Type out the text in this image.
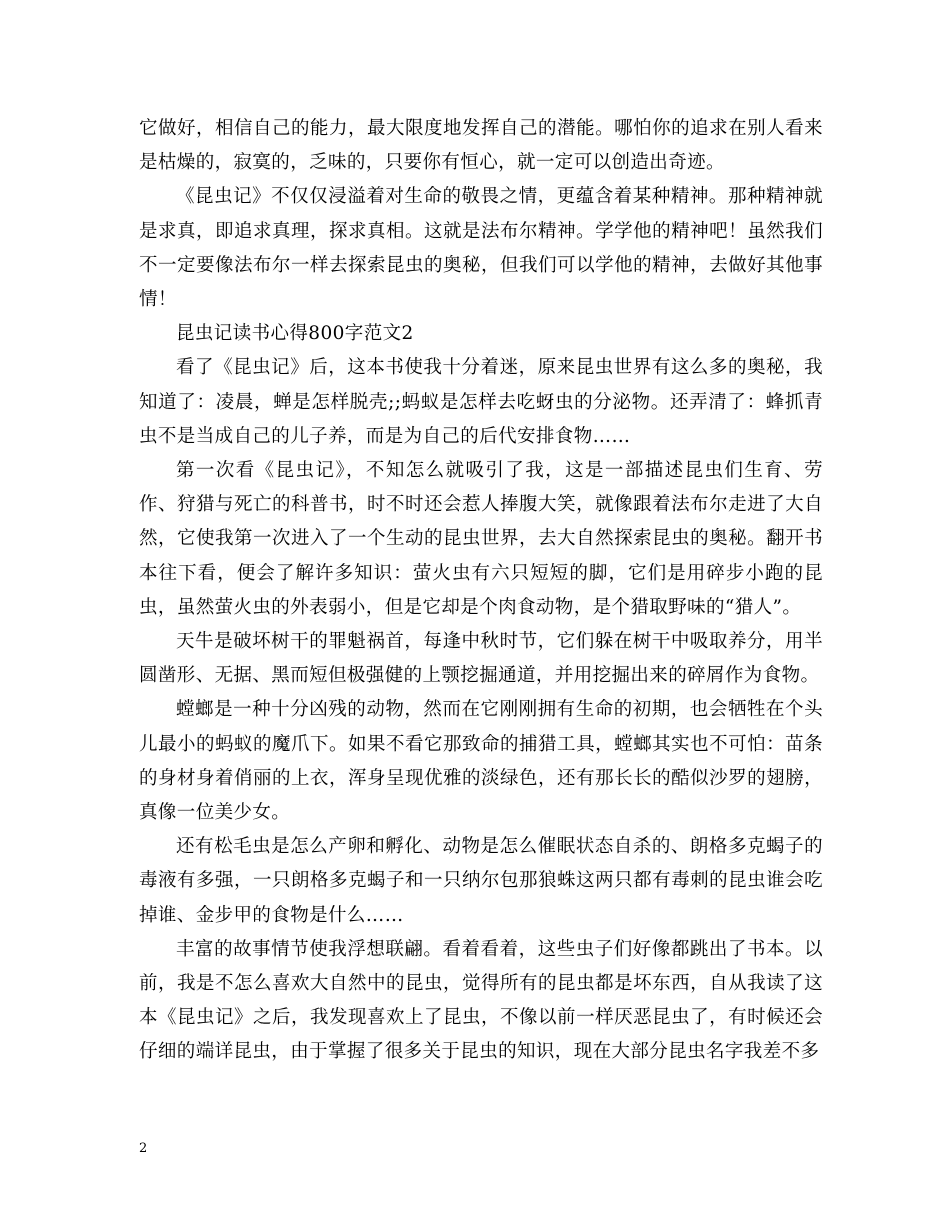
它做好，相信自己的能力，最大限度地发挥自己的潜能。哪怕你的追求在别人看来是枯燥的，寂寞的，乏味的，只要你有恒心，就一定可以创造出奇迹。

《昆虫记》不仅仅浸溢着对生命的敬畏之情，更蕴含着某种精神。那种精神就是求真，即追求真理，探求真相。这就是法布尔精神。学学他的精神吧！虽然我们不一定要像法布尔一样去探索昆虫的奥秘，但我们可以学他的精神，去做好其他事情！

昆虫记读书心得800字范文2

看了《昆虫记》后，这本书使我十分着迷，原来昆虫世界有这么多的奥秘，我知道了：凌晨，蝉是怎样脱壳;;蚂蚁是怎样去吃蚜虫的分泌物。还弄清了：蜂抓青虫不是当成自己的儿子养，而是为自己的后代安排食物……

第一次看《昆虫记》，不知怎么就吸引了我，这是一部描述昆虫们生育、劳作、狩猎与死亡的科普书，时不时还会惹人捧腹大笑，就像跟着法布尔走进了大自然，它使我第一次进入了一个生动的昆虫世界，去大自然探索昆虫的奥秘。翻开书本往下看，便会了解许多知识：萤火虫有六只短短的脚，它们是用碎步小跑的昆虫，虽然萤火虫的外表弱小，但是它却是个肉食动物，是个猎取野味的“猎人”。

天牛是破坏树干的罪魁祸首，每逢中秋时节，它们躲在树干中吸取养分，用半圆凿形、无据、黑而短但极强健的上颚挖掘通道，并用挖掘出来的碎屑作为食物。

螳螂是一种十分凶残的动物，然而在它刚刚拥有生命的初期，也会牺牲在个头儿最小的蚂蚁的魔爪下。如果不看它那致命的捕猎工具，螳螂其实也不可怕：苗条的身材身着俏丽的上衣，浑身呈现优雅的淡绿色，还有那长长的酷似沙罗的翅膀，真像一位美少女。

还有松毛虫是怎么产卵和孵化、动物是怎么催眠状态自杀的、朗格多克蝎子的毒液有多强，一只朗格多克蝎子和一只纳尔包那狼蛛这两只都有毒刺的昆虫谁会吃掉谁、金步甲的食物是什么……

丰富的故事情节使我浮想联翩。看着看着，这些虫子们好像都跳出了书本。以前，我是不怎么喜欢大自然中的昆虫，觉得所有的昆虫都是坏东西，自从我读了这本《昆虫记》之后，我发现喜欢上了昆虫，不像以前一样厌恶昆虫了，有时候还会仔细的端详昆虫，由于掌握了很多关于昆虫的知识，现在大部分昆虫名字我差不多

2
